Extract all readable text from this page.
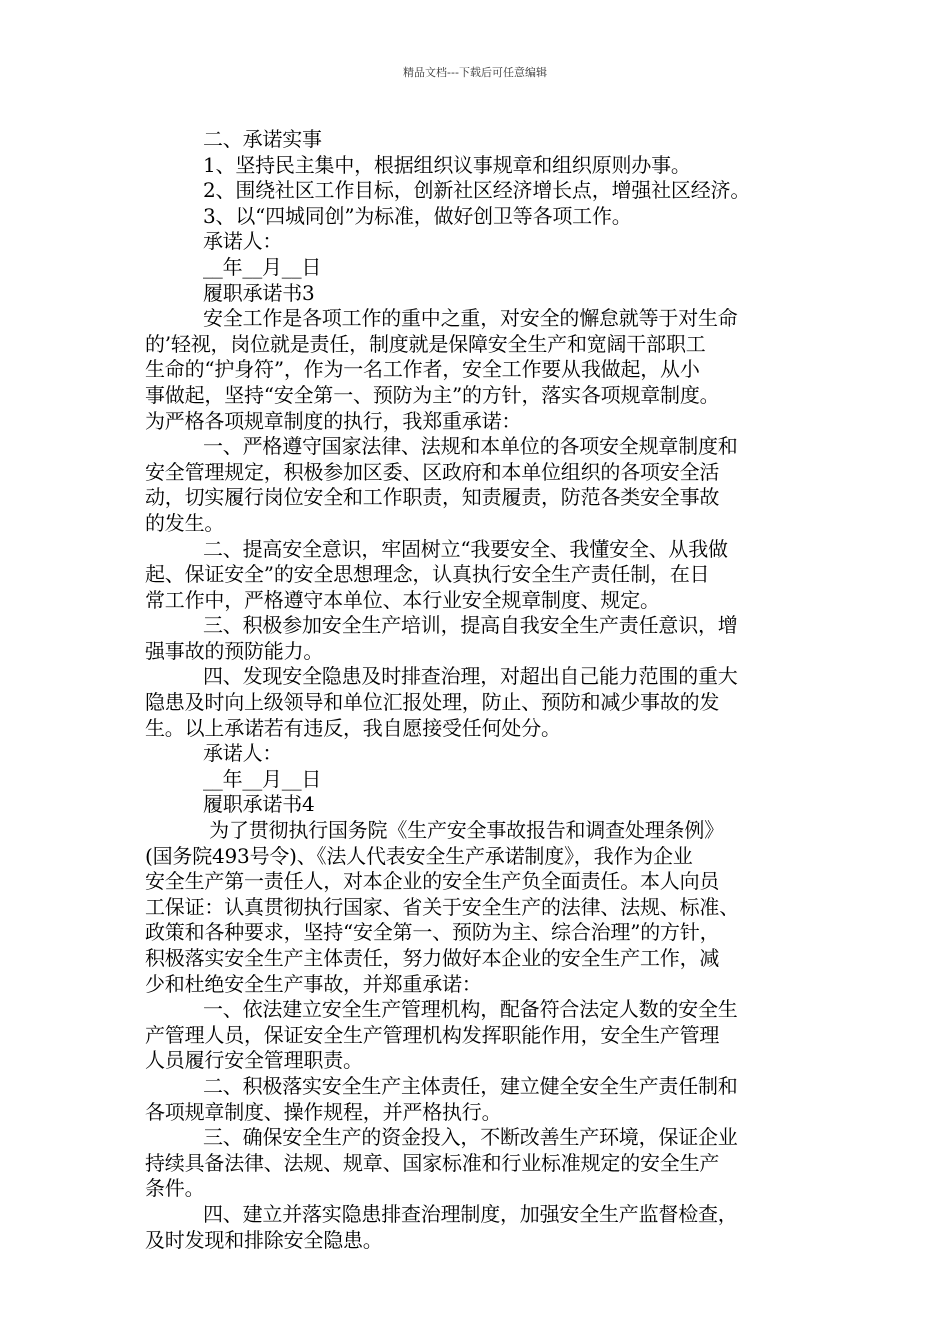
精品文档---下载后可任意编辑
二、承诺实事
1、坚持民主集中，根据组织议事规章和组织原则办事。
2、围绕社区工作目标，创新社区经济增长点，增强社区经济。
3、以“四城同创”为标准，做好创卫等各项工作。
承诺人：
__年__月__日
履职承诺书3
安全工作是各项工作的重中之重，对安全的懈怠就等于对生命
的’轻视，岗位就是责任，制度就是保障安全生产和宽阔干部职工
生命的“护身符”，作为一名工作者，安全工作要从我做起，从小
事做起，坚持“安全第一、预防为主”的方针，落实各项规章制度。
为严格各项规章制度的执行，我郑重承诺：
一、严格遵守国家法律、法规和本单位的各项安全规章制度和
安全管理规定，积极参加区委、区政府和本单位组织的各项安全活
动，切实履行岗位安全和工作职责，知责履责，防范各类安全事故
的发生。
二、提高安全意识，牢固树立“我要安全、我懂安全、从我做
起、保证安全”的安全思想理念，认真执行安全生产责任制，在日
常工作中，严格遵守本单位、本行业安全规章制度、规定。
三、积极参加安全生产培训，提高自我安全生产责任意识，增
强事故的预防能力。
四、发现安全隐患及时排查治理，对超出自己能力范围的重大
隐患及时向上级领导和单位汇报处理，防止、预防和减少事故的发
生。以上承诺若有违反，我自愿接受任何处分。
承诺人：
__年__月__日
履职承诺书4
为了贯彻执行国务院《生产安全事故报告和调查处理条例》
(国务院493号令)、《法人代表安全生产承诺制度》，我作为企业
安全生产第一责任人，对本企业的安全生产负全面责任。本人向员
工保证：认真贯彻执行国家、省关于安全生产的法律、法规、标准、
政策和各种要求，坚持“安全第一、预防为主、综合治理”的方针，
积极落实安全生产主体责任，努力做好本企业的安全生产工作，减
少和杜绝安全生产事故，并郑重承诺：
一、依法建立安全生产管理机构，配备符合法定人数的安全生
产管理人员，保证安全生产管理机构发挥职能作用，安全生产管理
人员履行安全管理职责。
二、积极落实安全生产主体责任，建立健全安全生产责任制和
各项规章制度、操作规程，并严格执行。
三、确保安全生产的资金投入，不断改善生产环境，保证企业
持续具备法律、法规、规章、国家标准和行业标准规定的安全生产
条件。
四、建立并落实隐患排查治理制度，加强安全生产监督检查，
及时发现和排除安全隐患。
